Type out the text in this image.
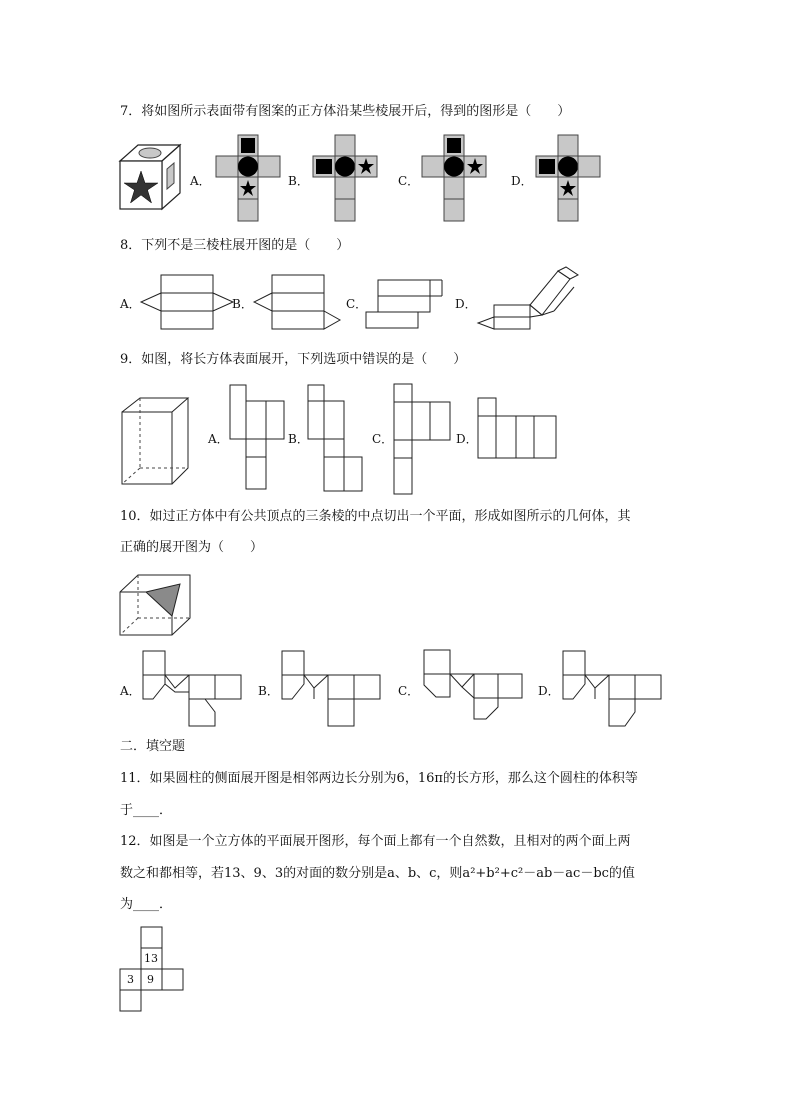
7．将如图所示表面带有图案的正方体沿某些棱展开后，得到的图形是（　　）
A．	B．	C．	D．
8．下列不是三棱柱展开图的是（　　）
A．	B．	C．	D．
9．如图，将长方体表面展开，下列选项中错误的是（　　）
A．	B．	C．	D．
10．如过正方体中有公共顶点的三条棱的中点切出一个平面，形成如图所示的几何体，其
正确的展开图为（　　）
A．	B．	C．	D．
二．填空题
11．如果圆柱的侧面展开图是相邻两边长分别为6，16π的长方形，那么这个圆柱的体积等
于____．
12．如图是一个立方体的平面展开图形，每个面上都有一个自然数，且相对的两个面上两
数之和都相等，若13、9、3的对面的数分别是a、b、c，则a²+b²+c²－ab－ac－bc的值
为____．
13
9
3
